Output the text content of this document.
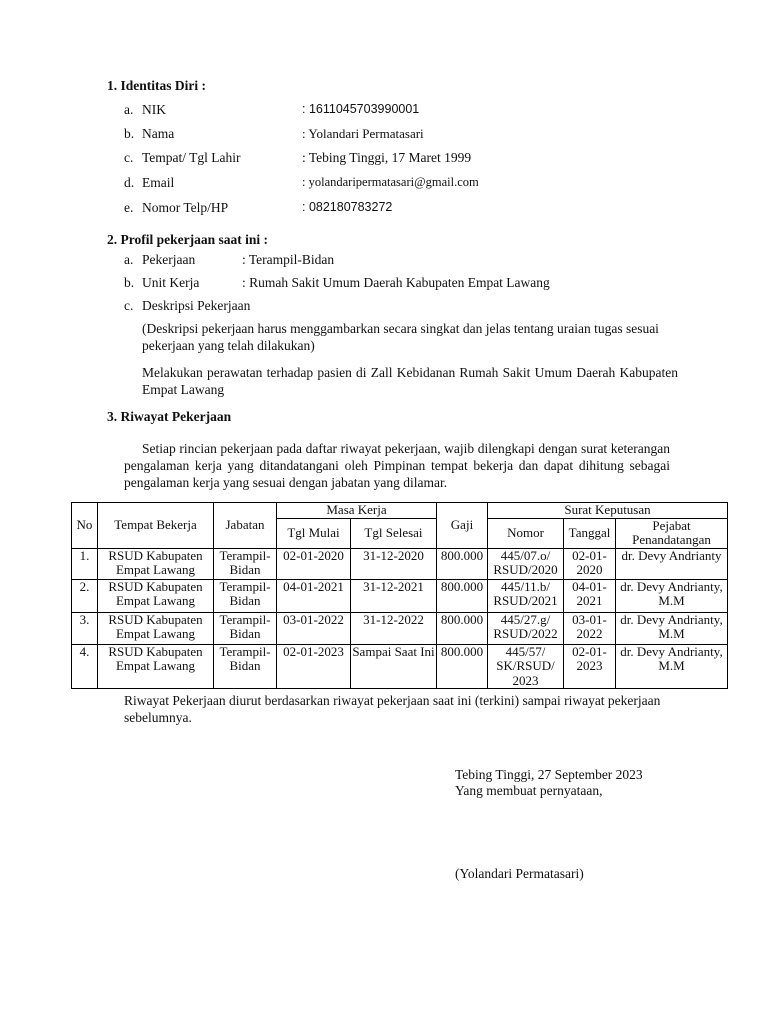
1. Identitas Diri :
a. NIK	: 1611045703990001
b. Nama	: Yolandari Permatasari
c. Tempat/ Tgl Lahir	: Tebing Tinggi, 17 Maret 1999
d. Email	: yolandaripermatasari@gmail.com
e. Nomor Telp/HP	: 082180783272
2. Profil pekerjaan saat ini :
a. Pekerjaan	: Terampil-Bidan
b. Unit Kerja	: Rumah Sakit Umum Daerah Kabupaten Empat Lawang
c. Deskripsi Pekerjaan
(Deskripsi pekerjaan harus menggambarkan secara singkat dan jelas tentang uraian tugas sesuai pekerjaan yang telah dilakukan)
Melakukan perawatan terhadap pasien di Zall Kebidanan Rumah Sakit Umum Daerah Kabupaten Empat Lawang
3. Riwayat Pekerjaan
Setiap rincian pekerjaan pada daftar riwayat pekerjaan, wajib dilengkapi dengan surat keterangan pengalaman kerja yang ditandatangani oleh Pimpinan tempat bekerja dan dapat dihitung sebagai pengalaman kerja yang sesuai dengan jabatan yang dilamar.
No	Tempat Bekerja	Jabatan	Masa Kerja		Gaji	Surat Keputusan		
			Tgl Mulai	Tgl Selesai		Nomor	Tanggal	Pejabat Penandatangan
1.	RSUD Kabupaten Empat Lawang	Terampil-Bidan	02-01-2020	31-12-2020	800.000	445/07.o/ RSUD/2020	02-01-2020	dr. Devy Andrianty
2.	RSUD Kabupaten Empat Lawang	Terampil-Bidan	04-01-2021	31-12-2021	800.000	445/11.b/ RSUD/2021	04-01-2021	dr. Devy Andrianty, M.M
3.	RSUD Kabupaten Empat Lawang	Terampil-Bidan	03-01-2022	31-12-2022	800.000	445/27.g/ RSUD/2022	03-01-2022	dr. Devy Andrianty, M.M
4.	RSUD Kabupaten Empat Lawang	Terampil-Bidan	02-01-2023	Sampai Saat Ini	800.000	445/57/ SK/RSUD/ 2023	02-01-2023	dr. Devy Andrianty, M.M
Riwayat Pekerjaan diurut berdasarkan riwayat pekerjaan saat ini (terkini) sampai riwayat pekerjaan sebelumnya.
Tebing Tinggi, 27 September 2023
Yang membuat pernyataan,
(Yolandari Permatasari)
